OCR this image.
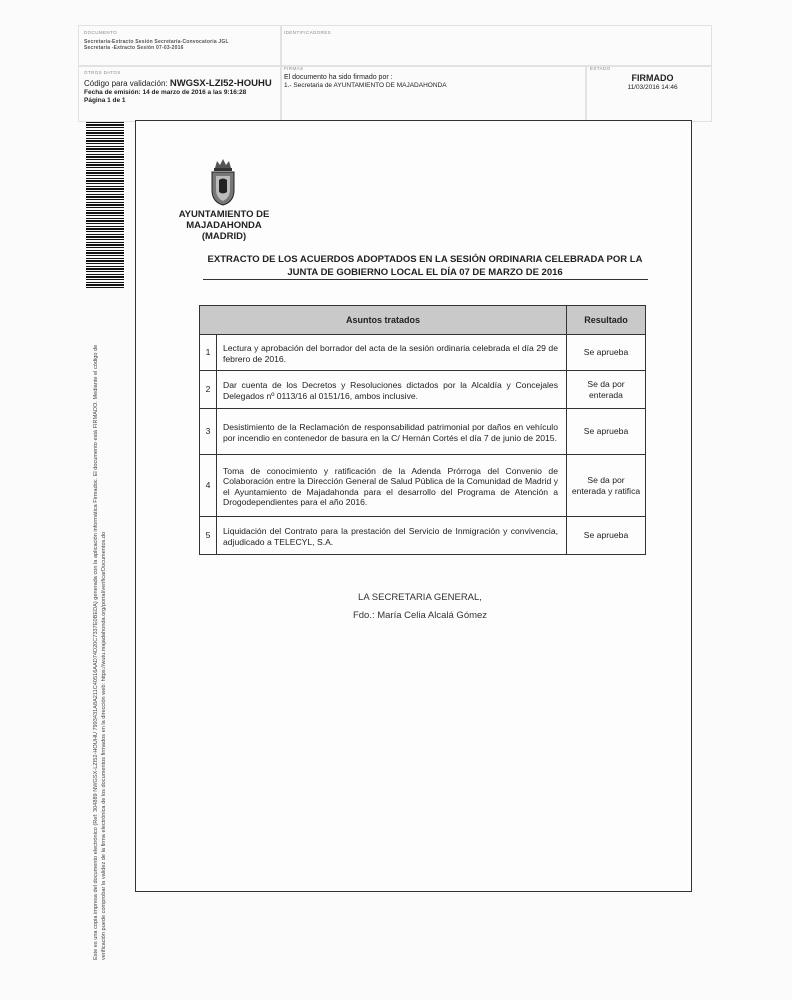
DOCUMENTO
Secretaria-Extracto Sesión Secretaría-Convocatoria JGL Secretaria -Extracto Sesión 07-03-2016
IDENTIFICADORES
OTROS DATOS
Código para validación: NWGSX-LZI52-HOUHU
Fecha de emisión: 14 de marzo de 2016 a las 9:16:28
Página 1 de 1
FIRMAS
El documento ha sido firmado por :
1.- Secretaria de AYUNTAMIENTO DE MAJADAHONDA
ESTADO
FIRMADO
11/03/2016 14:46
Este es una copia impresa del documento electrónico (Ref: 304889 NWGSX-LZI52-HOUHU 7993431A8A211C40516AAD74D20C7337E0BEDA) generada con la aplicación informática Firmadoc. El documento está FIRMADO. Mediante el código de verificación puede comprobar la validez de la firma electrónica de los documentos firmados en la dirección web: https://wutu.majadahonda.org/portal/verificarDocumentos.do
AYUNTAMIENTO DE
MAJADAHONDA
(MADRID)
EXTRACTO DE LOS ACUERDOS ADOPTADOS EN LA SESIÓN ORDINARIA CELEBRADA POR LA
JUNTA DE GOBIERNO LOCAL EL DÍA 07 DE MARZO DE 2016
Asuntos tratados		Resultado
1	Lectura y aprobación del borrador del acta de la sesión ordinaria celebrada el día 29 de febrero de 2016.	Se aprueba
2	Dar cuenta de los Decretos y Resoluciones dictados por la Alcaldía y Concejales Delegados nº 0113/16 al 0151/16, ambos inclusive.	Se da por enterada
3	Desistimiento de la Reclamación de responsabilidad patrimonial por daños en vehículo por incendio en contenedor de basura en la C/ Hernán Cortés el día 7 de junio de 2015.	Se aprueba
4	Toma de conocimiento y ratificación de la Adenda Prórroga del Convenio de Colaboración entre la Dirección General de Salud Pública de la Comunidad de Madrid y el Ayuntamiento de Majadahonda para el desarrollo del Programa de Atención a Drogodependientes para el año 2016.	Se da por enterada y ratifica
5	Liquidación del Contrato para la prestación del Servicio de Inmigración y convivencia, adjudicado a TELECYL, S.A.	Se aprueba
LA SECRETARIA GENERAL,
Fdo.: María Celia Alcalá Gómez
